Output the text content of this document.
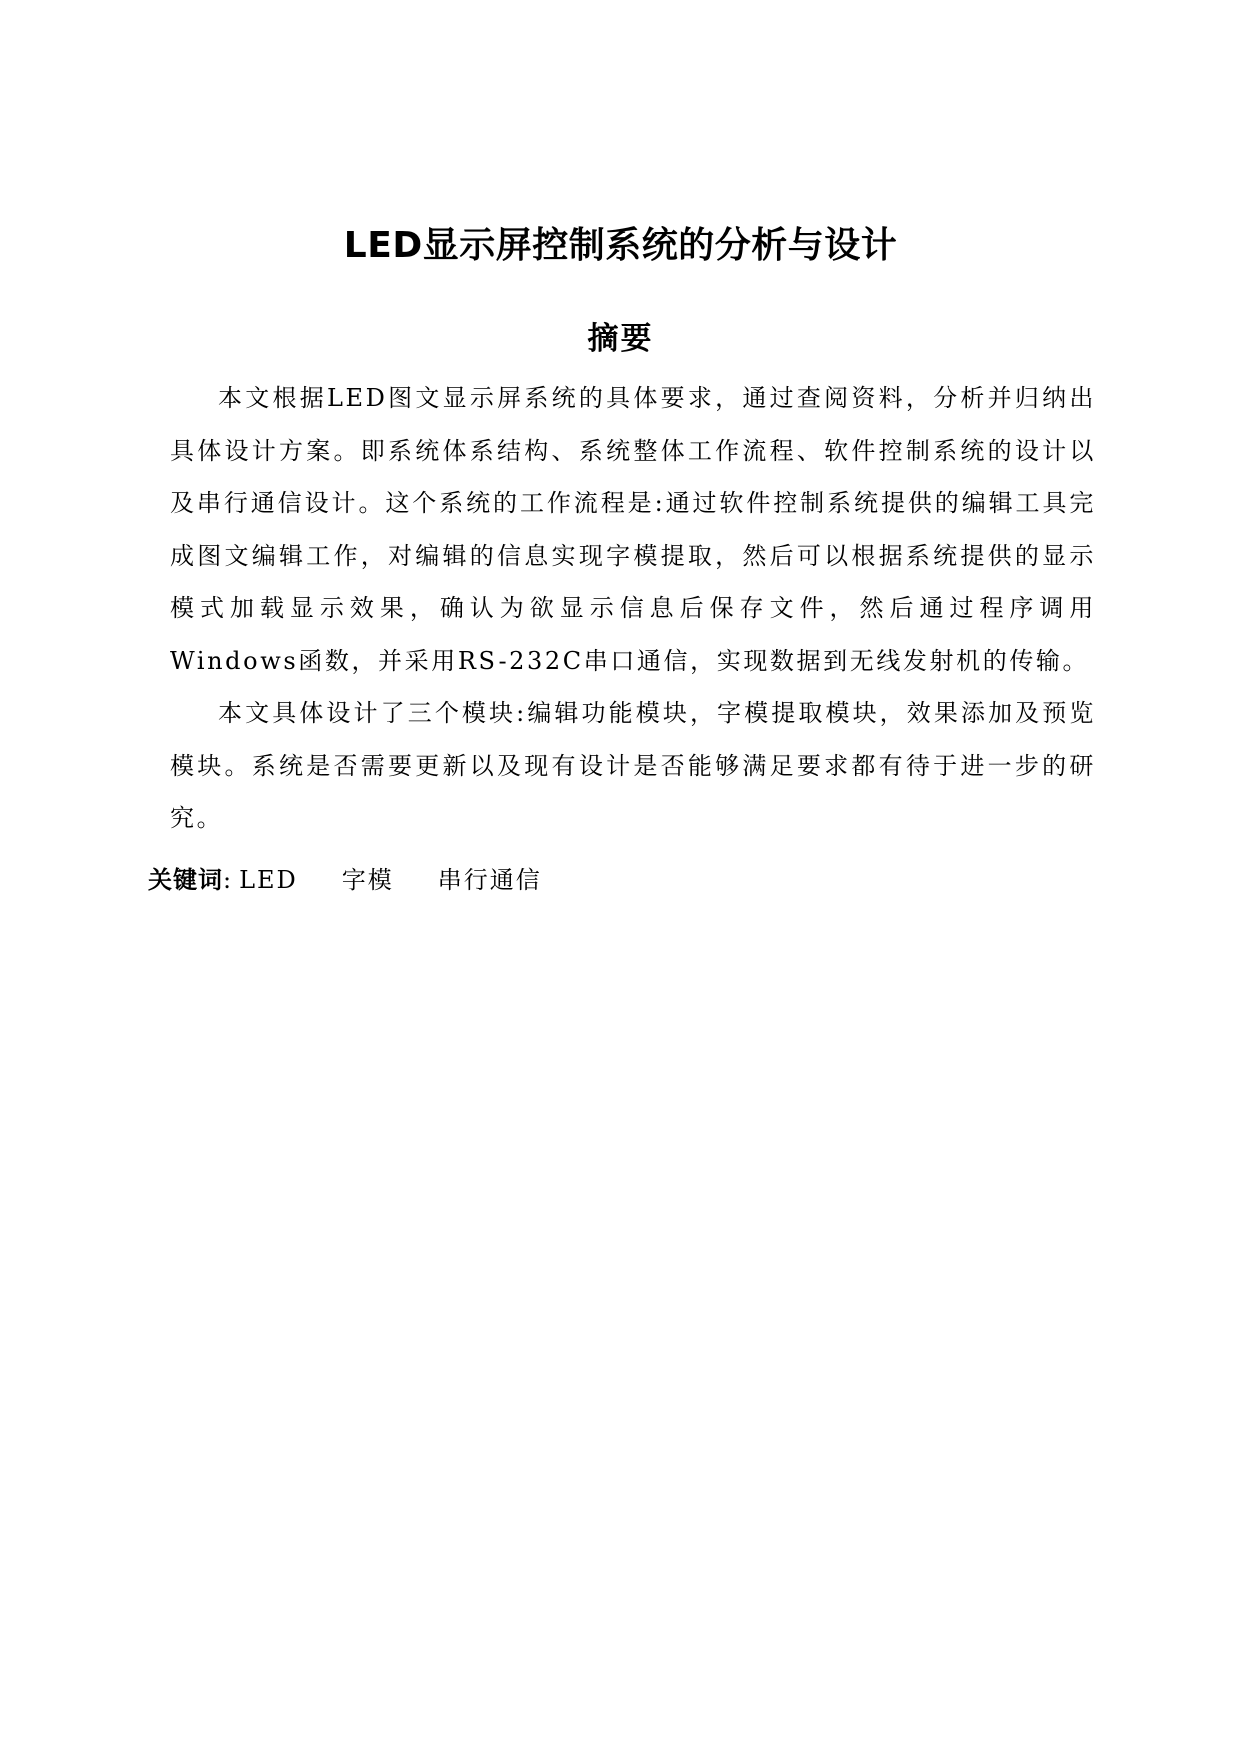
LED显示屏控制系统的分析与设计
摘要

本文根据LED图文显示屏系统的具体要求，通过查阅资料，分析并归纳出具体设计方案。即系统体系结构、系统整体工作流程、软件控制系统的设计以及串行通信设计。这个系统的工作流程是:通过软件控制系统提供的编辑工具完成图文编辑工作，对编辑的信息实现字模提取，然后可以根据系统提供的显示模式加载显示效果，确认为欲显示信息后保存文件，然后通过程序调用Windows函数，并采用RS-232C串口通信，实现数据到无线发射机的传输。

本文具体设计了三个模块:编辑功能模块，字模提取模块，效果添加及预览模块。系统是否需要更新以及现有设计是否能够满足要求都有待于进一步的研究。

关键词: LED 字模 串行通信
